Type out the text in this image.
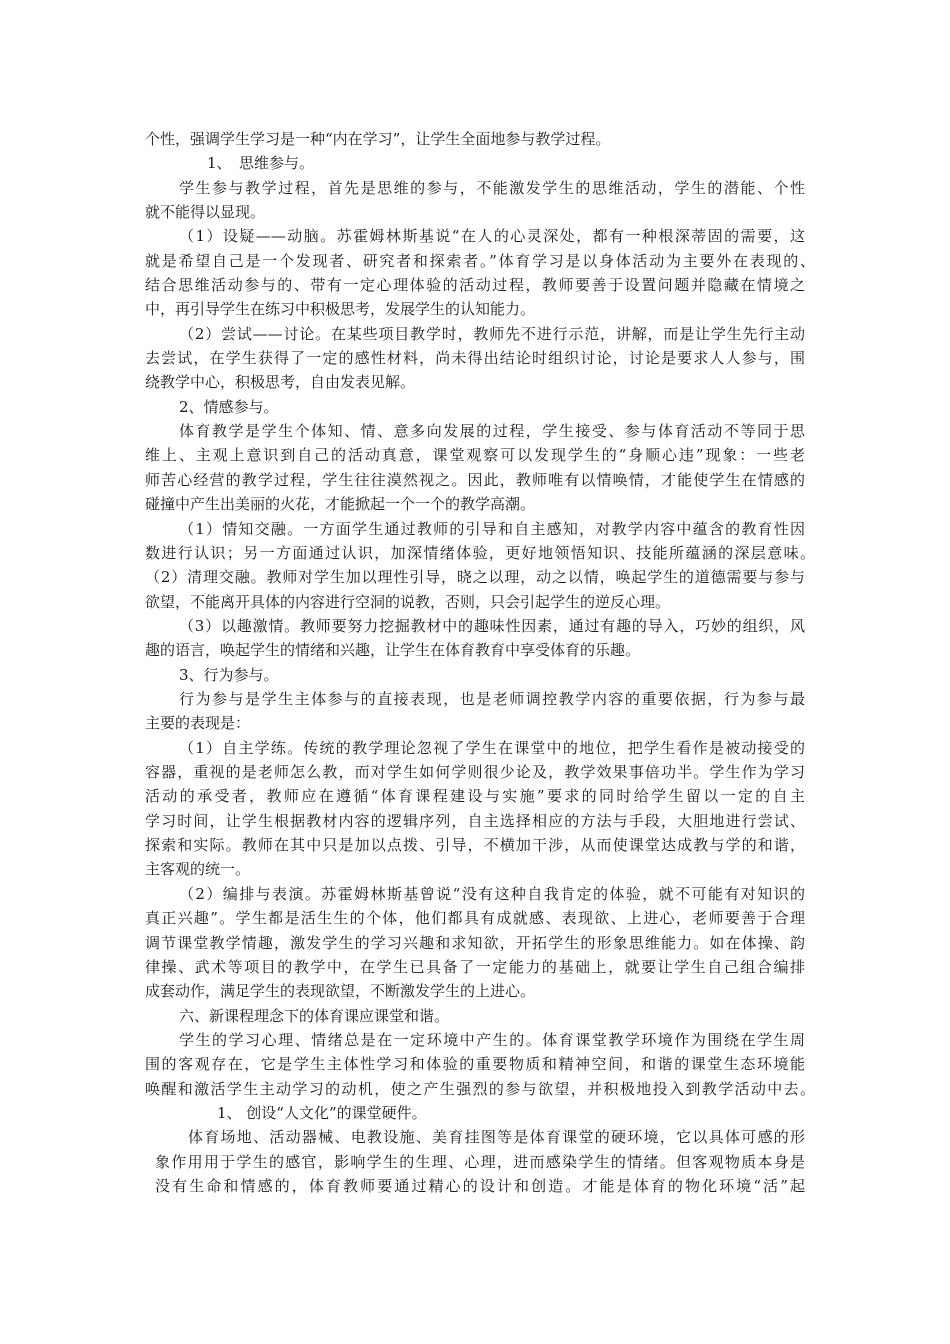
个性，强调学生学习是一种“内在学习”，让学生全面地参与教学过程。
1、　思维参与。
学生参与教学过程，首先是思维的参与，不能激发学生的思维活动，学生的潜能、个性
就不能得以显现。
（1）设疑——动脑。苏霍姆林斯基说“在人的心灵深处，都有一种根深蒂固的需要，这
就是希望自己是一个发现者、研究者和探索者。”体育学习是以身体活动为主要外在表现的、
结合思维活动参与的、带有一定心理体验的活动过程，教师要善于设置问题并隐藏在情境之
中，再引导学生在练习中积极思考，发展学生的认知能力。
（2）尝试——讨论。在某些项目教学时，教师先不进行示范，讲解，而是让学生先行主动
去尝试，在学生获得了一定的感性材料，尚未得出结论时组织讨论，讨论是要求人人参与，围
绕教学中心，积极思考，自由发表见解。
2、情感参与。
体育教学是学生个体知、情、意多向发展的过程，学生接受、参与体育活动不等同于思
维上、主观上意识到自己的活动真意，课堂观察可以发现学生的“身顺心违”现象：一些老
师苦心经营的教学过程，学生往往漠然视之。因此，教师唯有以情唤情，才能使学生在情感的
碰撞中产生出美丽的火花，才能掀起一个一个的教学高潮。
（1）情知交融。一方面学生通过教师的引导和自主感知，对教学内容中蕴含的教育性因
数进行认识；另一方面通过认识，加深情绪体验，更好地领悟知识、技能所蕴涵的深层意味。
（2）清理交融。教师对学生加以理性引导，晓之以理，动之以情，唤起学生的道德需要与参与
欲望，不能离开具体的内容进行空洞的说教，否则，只会引起学生的逆反心理。
（3）以趣激情。教师要努力挖掘教材中的趣味性因素，通过有趣的导入，巧妙的组织，风
趣的语言，唤起学生的情绪和兴趣，让学生在体育教育中享受体育的乐趣。
3、行为参与。
行为参与是学生主体参与的直接表现，也是老师调控教学内容的重要依据，行为参与最
主要的表现是：
（1）自主学练。传统的教学理论忽视了学生在课堂中的地位，把学生看作是被动接受的
容器，重视的是老师怎么教，而对学生如何学则很少论及，教学效果事倍功半。学生作为学习
活动的承受者，教师应在遵循“体育课程建设与实施”要求的同时给学生留以一定的自主
学习时间，让学生根据教材内容的逻辑序列，自主选择相应的方法与手段，大胆地进行尝试、
探索和实际。教师在其中只是加以点拨、引导，不横加干涉，从而使课堂达成教与学的和谐，
主客观的统一。
（2）编排与表演。苏霍姆林斯基曾说“没有这种自我肯定的体验，就不可能有对知识的
真正兴趣”。学生都是活生生的个体，他们都具有成就感、表现欲、上进心，老师要善于合理
调节课堂教学情趣，激发学生的学习兴趣和求知欲，开拓学生的形象思维能力。如在体操、韵
律操、武术等项目的教学中，在学生已具备了一定能力的基础上，就要让学生自己组合编排
成套动作，满足学生的表现欲望，不断激发学生的上进心。
六、新课程理念下的体育课应课堂和谐。
学生的学习心理、情绪总是在一定环境中产生的。体育课堂教学环境作为围绕在学生周
围的客观存在，它是学生主体性学习和体验的重要物质和精神空间，和谐的课堂生态环境能
唤醒和激活学生主动学习的动机，使之产生强烈的参与欲望，并积极地投入到教学活动中去。
1、 创设“人文化”的课堂硬件。
体育场地、活动器械、电教设施、美育挂图等是体育课堂的硬环境，它以具体可感的形
象作用用于学生的感官，影响学生的生理、心理，进而感染学生的情绪。但客观物质本身是
没有生命和情感的，体育教师要通过精心的设计和创造。才能是体育的物化环境“活”起
